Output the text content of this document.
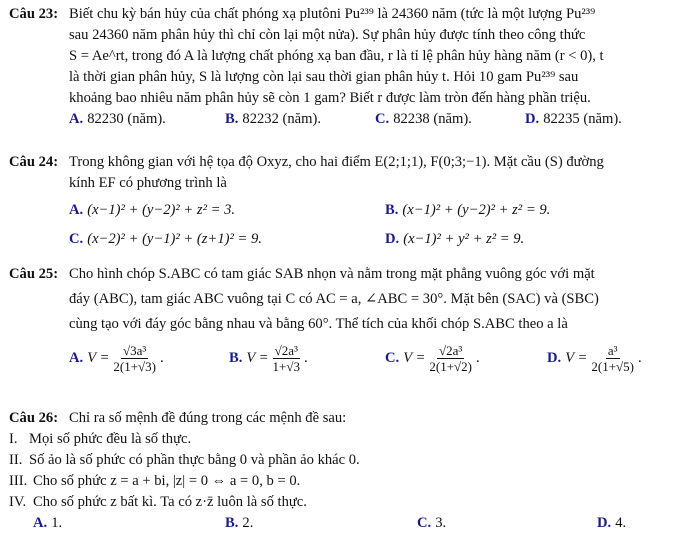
Câu 23: Biết chu kỳ bán hủy của chất phóng xạ plutôni Pu²³⁹ là 24360 năm (tức là một lượng Pu²³⁹
sau 24360 năm phân hủy thì chỉ còn lại một nửa). Sự phân hủy được tính theo công thức
S = Ae^rt, trong đó A là lượng chất phóng xạ ban đầu, r là tỉ lệ phân hủy hàng năm (r < 0), t
là thời gian phân hủy, S là lượng còn lại sau thời gian phân hủy t. Hỏi 10 gam Pu²³⁹ sau
khoảng bao nhiêu năm phân hủy sẽ còn 1 gam? Biết r được làm tròn đến hàng phần triệu.
A. 82230 (năm).	B. 82232 (năm).	C. 82238 (năm).	D. 82235 (năm).
Câu 24: Trong không gian với hệ tọa độ Oxyz, cho hai điểm E(2;1;1), F(0;3;−1). Mặt cầu (S) đường
kính EF có phương trình là
A. (x−1)² + (y−2)² + z² = 3.	B. (x−1)² + (y−2)² + z² = 9.
C. (x−2)² + (y−1)² + (z+1)² = 9.	D. (x−1)² + y² + z² = 9.
Câu 25: Cho hình chóp S.ABC có tam giác SAB nhọn và nằm trong mặt phẳng vuông góc với mặt
đáy (ABC), tam giác ABC vuông tại C có AC = a, ∠ABC = 30°. Mặt bên (SAC) và (SBC)
cùng tạo với đáy góc bằng nhau và bằng 60°. Thể tích của khối chóp S.ABC theo a là
A. $V = \frac{\text{√3a³}}{2(1+√3)}$ .	B. $V = \frac{\text{√2a³}}{1+√3}$ .	C. $V = \frac{\text{√2a³}}{2(1+√2)}$ .	D. $V = \frac{\text{a³}}{2(1+√5)}$ .
Câu 26: Chỉ ra số mệnh đề đúng trong các mệnh đề sau:
I. Mọi số phức đều là số thực.
II. Số ảo là số phức có phần thực bằng 0 và phần ảo khác 0.
III. Cho số phức z = a + bi, |z| = 0 ⇔ a = 0, b = 0.
IV. Cho số phức z bất kì. Ta có z·z̄ luôn là số thực.
A. 1.	B. 2.	C. 3.	D. 4.
